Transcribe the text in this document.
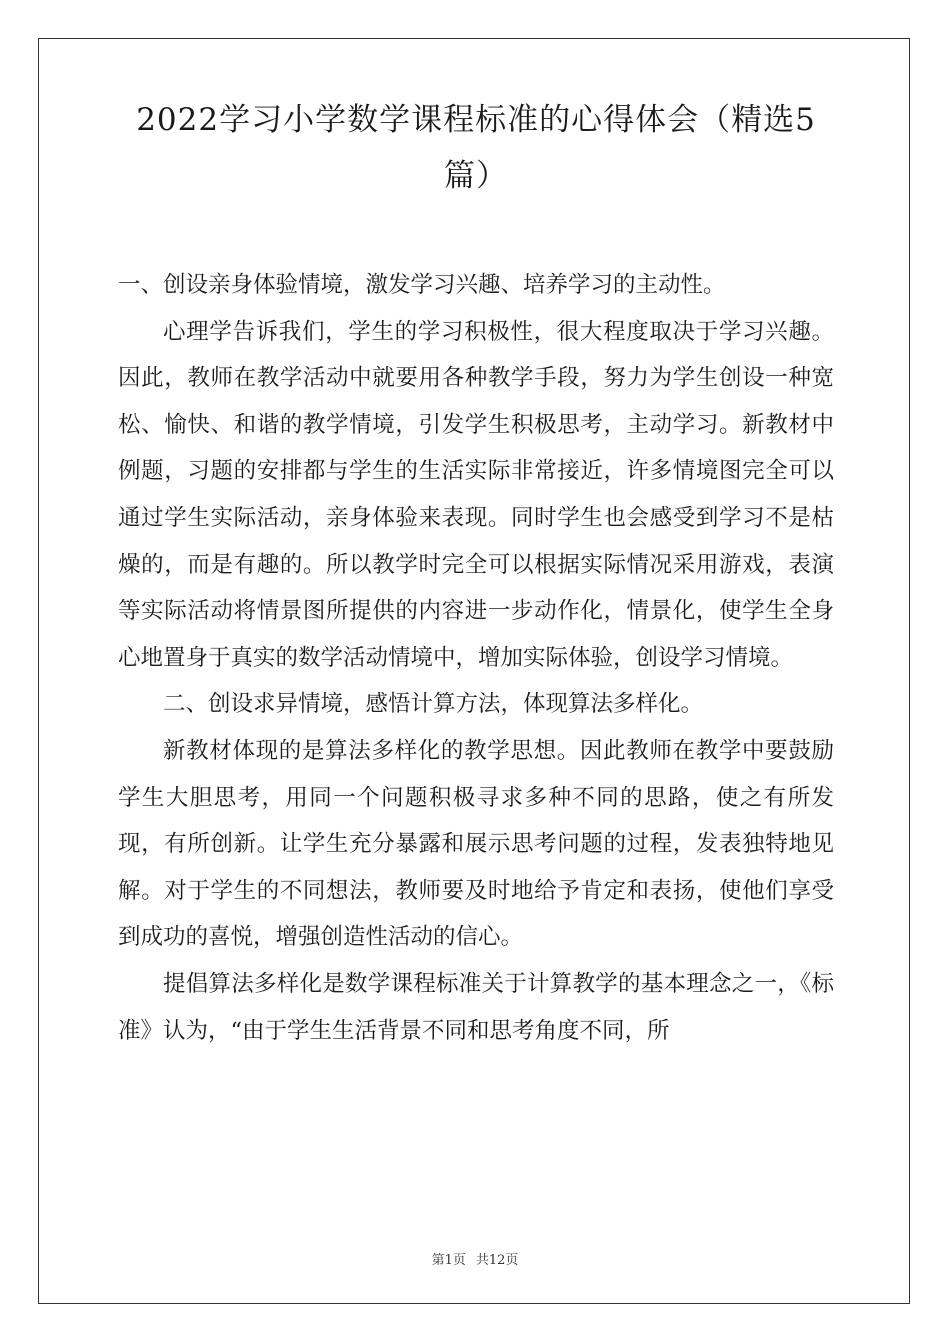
2022学习小学数学课程标准的心得体会（精选5篇）

一、创设亲身体验情境，激发学习兴趣、培养学习的主动性。

心理学告诉我们，学生的学习积极性，很大程度取决于学习兴趣。因此，教师在教学活动中就要用各种教学手段，努力为学生创设一种宽松、愉快、和谐的教学情境，引发学生积极思考，主动学习。新教材中例题，习题的安排都与学生的生活实际非常接近，许多情境图完全可以通过学生实际活动，亲身体验来表现。同时学生也会感受到学习不是枯燥的，而是有趣的。所以教学时完全可以根据实际情况采用游戏，表演等实际活动将情景图所提供的内容进一步动作化，情景化，使学生全身心地置身于真实的数学活动情境中，增加实际体验，创设学习情境。

二、创设求异情境，感悟计算方法，体现算法多样化。

新教材体现的是算法多样化的教学思想。因此教师在教学中要鼓励学生大胆思考，用同一个问题积极寻求多种不同的思路，使之有所发现，有所创新。让学生充分暴露和展示思考问题的过程，发表独特地见解。对于学生的不同想法，教师要及时地给予肯定和表扬，使他们享受到成功的喜悦，增强创造性活动的信心。

提倡算法多样化是数学课程标准关于计算教学的基本理念之一，《标准》认为，“由于学生生活背景不同和思考角度不同，所

第1页 共12页
